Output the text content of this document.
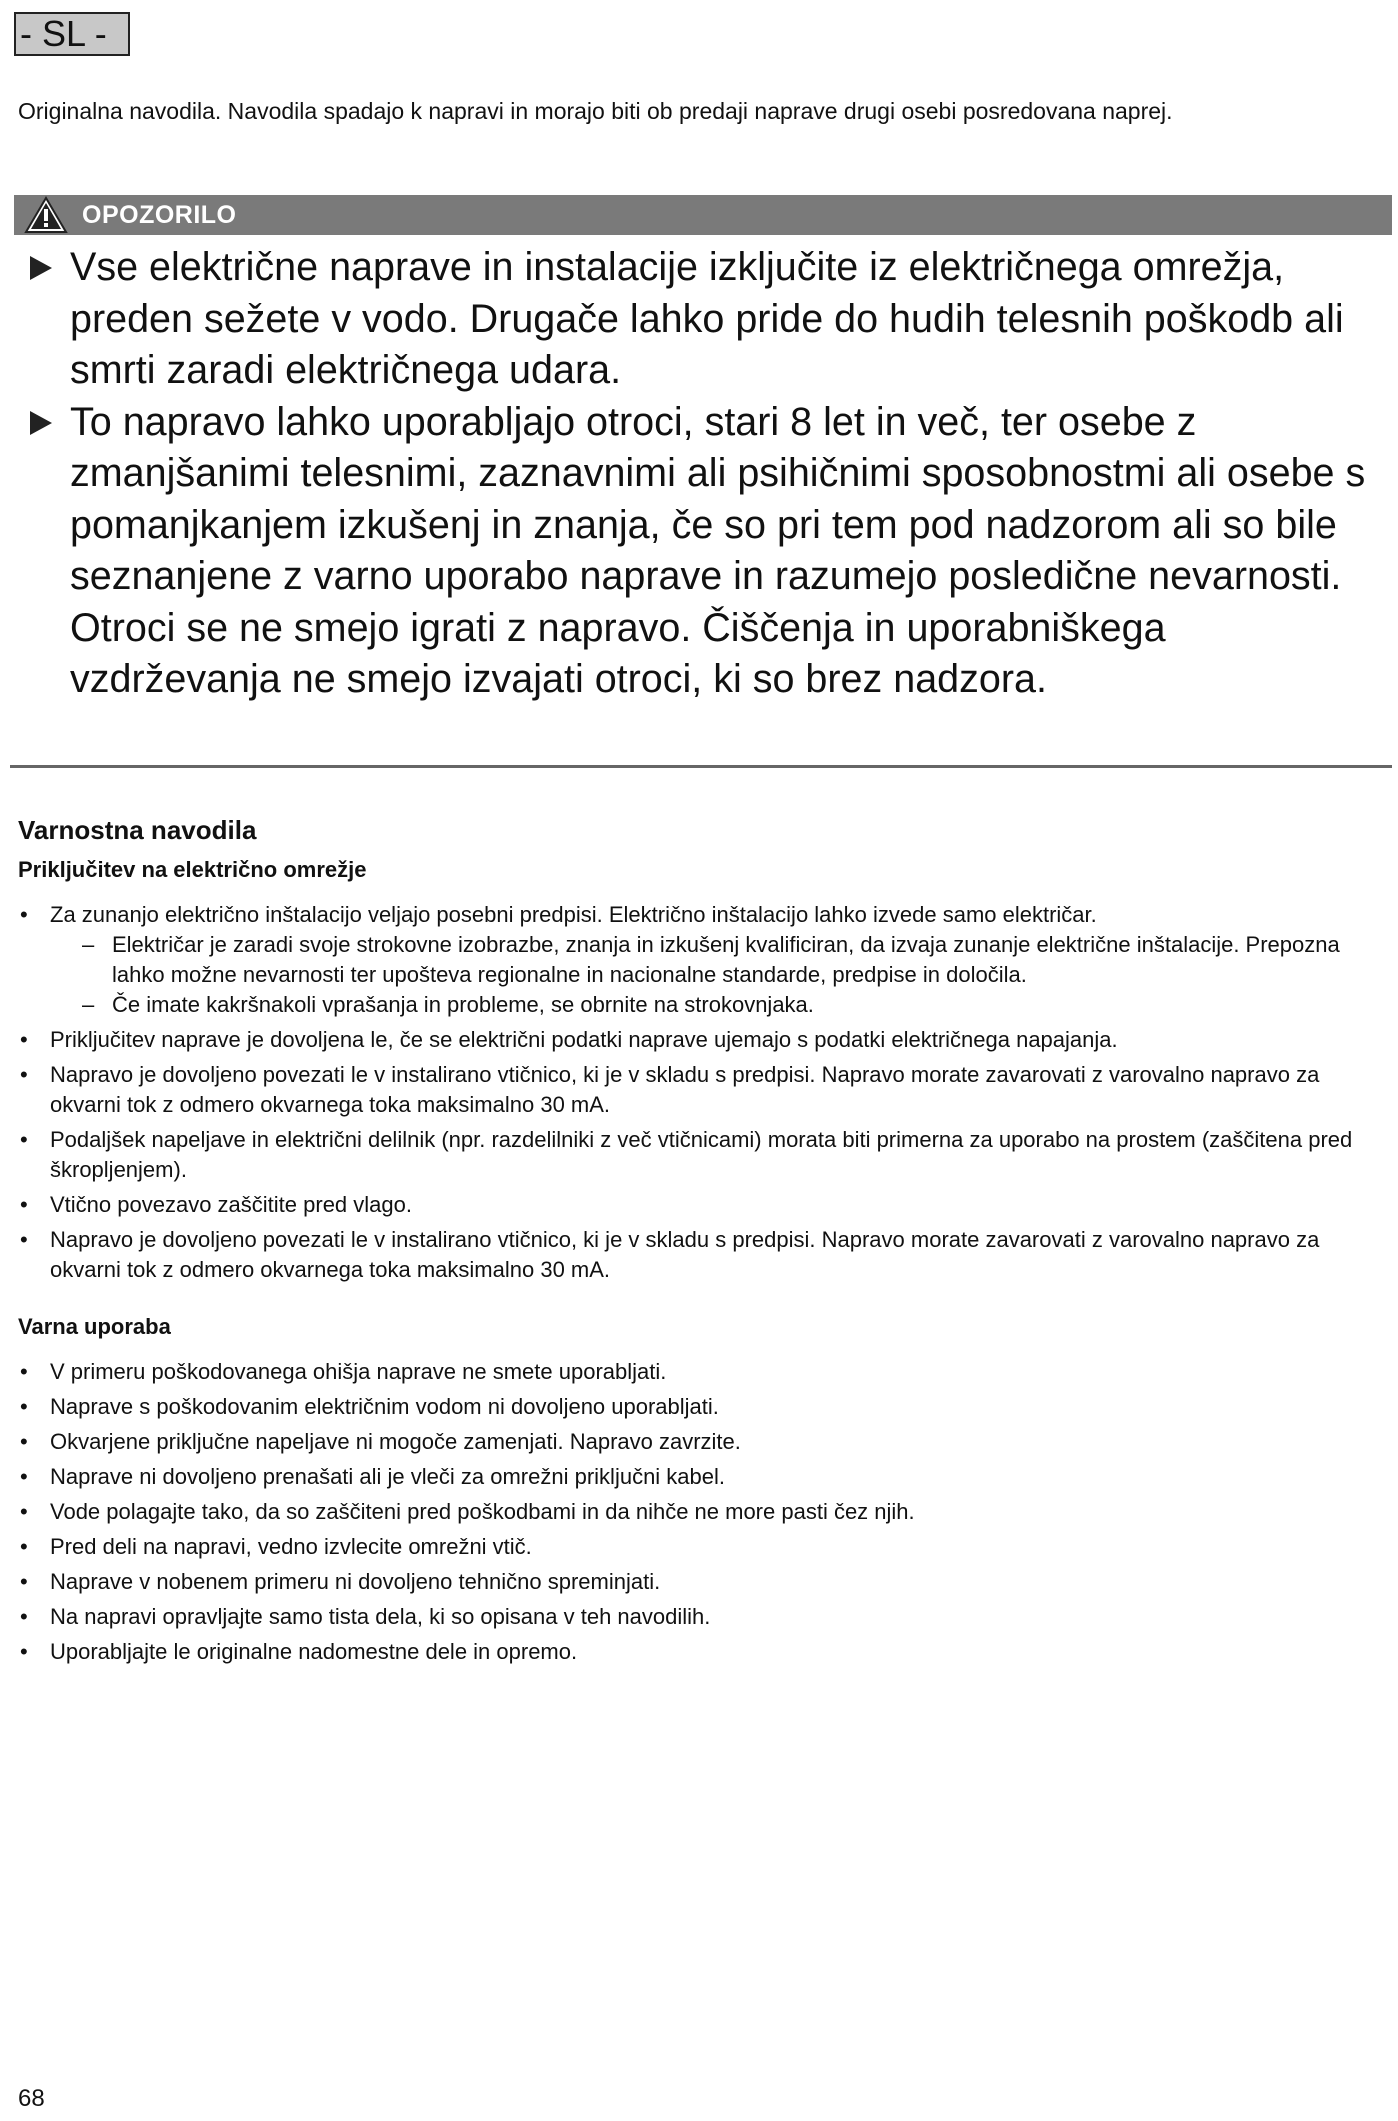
- SL -
Originalna navodila. Navodila spadajo k napravi in morajo biti ob predaji naprave drugi osebi posredovana naprej.
OPOZORILO
Vse električne naprave in instalacije izključite iz električnega omrežja, preden sežete v vodo. Drugače lahko pride do hudih telesnih poškodb ali smrti zaradi električnega udara.
To napravo lahko uporabljajo otroci, stari 8 let in več, ter osebe z zmanjšanimi telesnimi, zaznavnimi ali psihičnimi sposobnostmi ali osebe s pomanjkanjem izkušenj in znanja, če so pri tem pod nadzorom ali so bile seznanjene z varno uporabo naprave in razumejo posledične nevarnosti. Otroci se ne smejo igrati z napravo. Čiščenja in uporabniškega vzdrževanja ne smejo izvajati otroci, ki so brez nadzora.
Varnostna navodila
Priključitev na električno omrežje
• Za zunanjo električno inštalacijo veljajo posebni predpisi. Električno inštalacijo lahko izvede samo električar.
– Električar je zaradi svoje strokovne izobrazbe, znanja in izkušenj kvalificiran, da izvaja zunanje električne inštalacije. Prepozna lahko možne nevarnosti ter upošteva regionalne in nacionalne standarde, predpise in določila.
– Če imate kakršnakoli vprašanja in probleme, se obrnite na strokovnjaka.
• Priključitev naprave je dovoljena le, če se električni podatki naprave ujemajo s podatki električnega napajanja.
• Napravo je dovoljeno povezati le v instalirano vtičnico, ki je v skladu s predpisi. Napravo morate zavarovati z varovalno napravo za okvarni tok z odmero okvarnega toka maksimalno 30 mA.
• Podaljšek napeljave in električni delilnik (npr. razdelilniki z več vtičnicami) morata biti primerna za uporabo na prostem (zaščitena pred škropljenjem).
• Vtično povezavo zaščitite pred vlago.
• Napravo je dovoljeno povezati le v instalirano vtičnico, ki je v skladu s predpisi. Napravo morate zavarovati z varovalno napravo za okvarni tok z odmero okvarnega toka maksimalno 30 mA.
Varna uporaba
• V primeru poškodovanega ohišja naprave ne smete uporabljati.
• Naprave s poškodovanim električnim vodom ni dovoljeno uporabljati.
• Okvarjene priključne napeljave ni mogoče zamenjati. Napravo zavrzite.
• Naprave ni dovoljeno prenašati ali je vleči za omrežni priključni kabel.
• Vode polagajte tako, da so zaščiteni pred poškodbami in da nihče ne more pasti čez njih.
• Pred deli na napravi, vedno izvlecite omrežni vtič.
• Naprave v nobenem primeru ni dovoljeno tehnično spreminjati.
• Na napravi opravljajte samo tista dela, ki so opisana v teh navodilih.
• Uporabljajte le originalne nadomestne dele in opremo.
68
